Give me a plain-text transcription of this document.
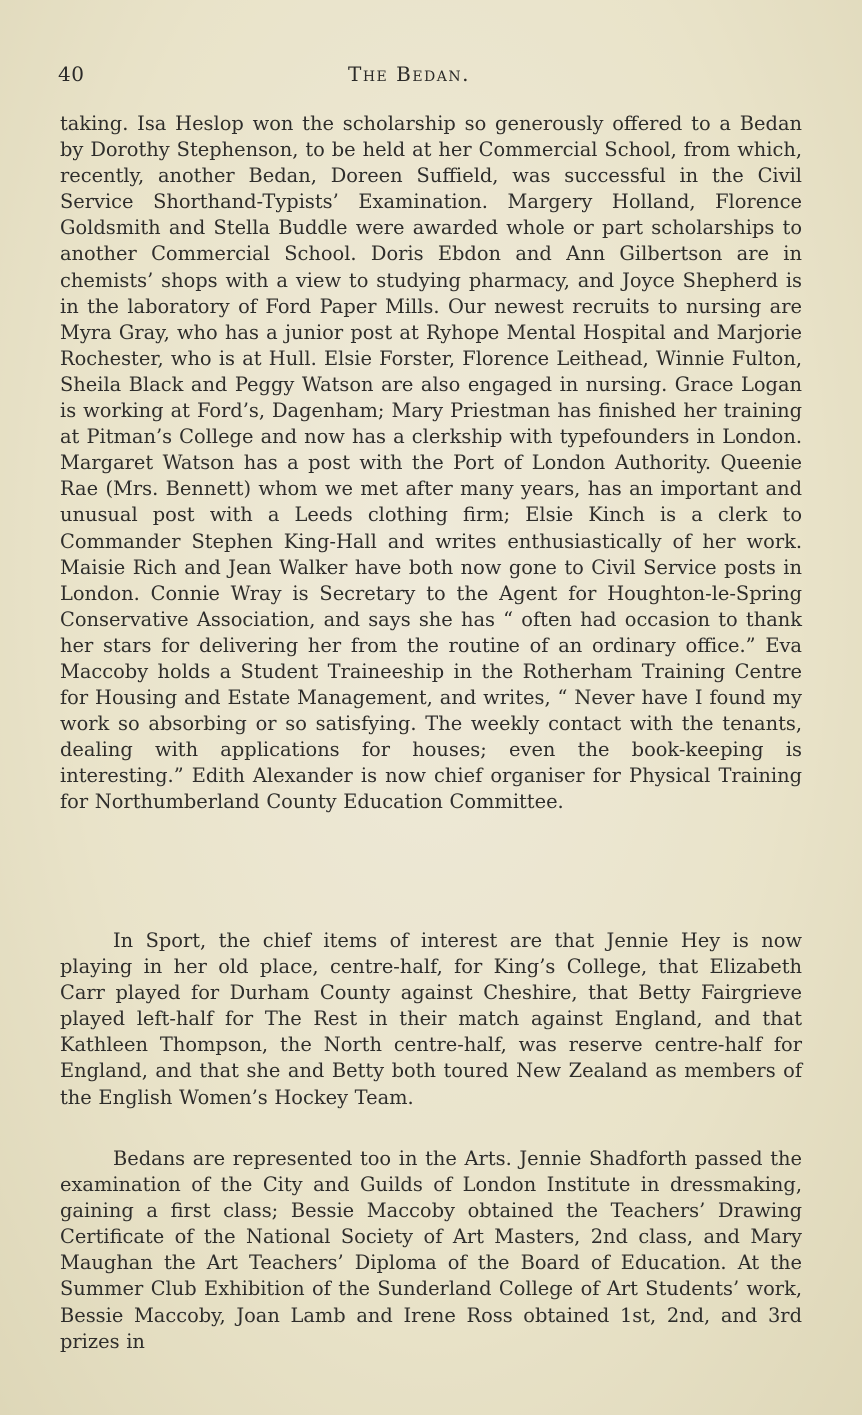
40	The Bedan.

taking. Isa Heslop won the scholarship so generously offered to a Bedan by Dorothy Stephenson, to be held at her Commercial School, from which, recently, another Bedan, Doreen Suffield, was successful in the Civil Service Shorthand-Typists’ Examination. Margery Holland, Florence Goldsmith and Stella Buddle were awarded whole or part scholarships to another Commercial School. Doris Ebdon and Ann Gilbertson are in chemists’ shops with a view to studying pharmacy, and Joyce Shepherd is in the laboratory of Ford Paper Mills. Our newest recruits to nursing are Myra Gray, who has a junior post at Ryhope Mental Hospital and Marjorie Rochester, who is at Hull. Elsie Forster, Florence Leithead, Winnie Fulton, Sheila Black and Peggy Watson are also engaged in nursing. Grace Logan is working at Ford’s, Dagenham; Mary Priestman has finished her training at Pitman’s College and now has a clerkship with typefounders in London. Margaret Watson has a post with the Port of London Authority. Queenie Rae (Mrs. Bennett) whom we met after many years, has an important and unusual post with a Leeds clothing firm; Elsie Kinch is a clerk to Commander Stephen King-Hall and writes enthusiastically of her work. Maisie Rich and Jean Walker have both now gone to Civil Service posts in London. Connie Wray is Secretary to the Agent for Houghton-le-Spring Conservative Association, and says she has “ often had occasion to thank her stars for delivering her from the routine of an ordinary office.” Eva Maccoby holds a Student Traineeship in the Rotherham Training Centre for Housing and Estate Management, and writes, “ Never have I found my work so absorbing or so satisfying. The weekly contact with the tenants, dealing with applications for houses; even the book-keeping is interesting.” Edith Alexander is now chief organiser for Physical Training for Northumberland County Education Committee.

In Sport, the chief items of interest are that Jennie Hey is now playing in her old place, centre-half, for King’s College, that Elizabeth Carr played for Durham County against Cheshire, that Betty Fairgrieve played left-half for The Rest in their match against England, and that Kathleen Thompson, the North centre-half, was reserve centre-half for England, and that she and Betty both toured New Zealand as members of the English Women’s Hockey Team.

Bedans are represented too in the Arts. Jennie Shadforth passed the examination of the City and Guilds of London Institute in dressmaking, gaining a first class; Bessie Maccoby obtained the Teachers’ Drawing Certificate of the National Society of Art Masters, 2nd class, and Mary Maughan the Art Teachers’ Diploma of the Board of Education. At the Summer Club Exhibition of the Sunderland College of Art Students’ work, Bessie Maccoby, Joan Lamb and Irene Ross obtained 1st, 2nd, and 3rd prizes in
